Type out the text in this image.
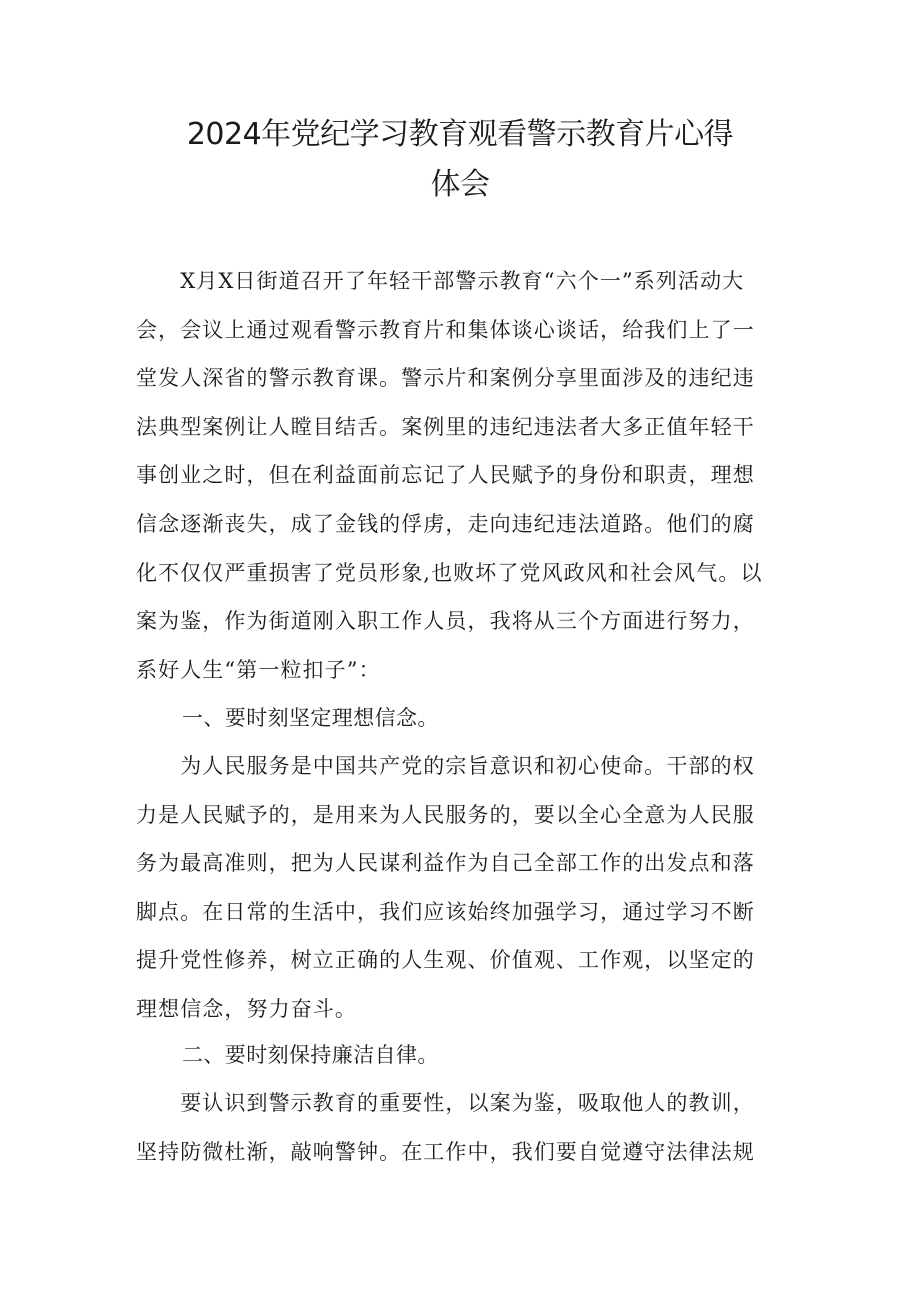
2024年党纪学习教育观看警示教育片心得
体会

　　X月X日街道召开了年轻干部警示教育“六个一”系列活动大
会，会议上通过观看警示教育片和集体谈心谈话，给我们上了一
堂发人深省的警示教育课。警示片和案例分享里面涉及的违纪违
法典型案例让人瞠目结舌。案例里的违纪违法者大多正值年轻干
事创业之时，但在利益面前忘记了人民赋予的身份和职责，理想
信念逐渐丧失，成了金钱的俘虏，走向违纪违法道路。他们的腐
化不仅仅严重损害了党员形象,也败坏了党风政风和社会风气。以
案为鉴，作为街道刚入职工作人员，我将从三个方面进行努力，
系好人生“第一粒扣子”：

一、要时刻坚定理想信念。

　　为人民服务是中国共产党的宗旨意识和初心使命。干部的权
力是人民赋予的，是用来为人民服务的，要以全心全意为人民服
务为最高准则，把为人民谋利益作为自己全部工作的出发点和落
脚点。在日常的生活中，我们应该始终加强学习，通过学习不断
提升党性修养，树立正确的人生观、价值观、工作观，以坚定的
理想信念，努力奋斗。

二、要时刻保持廉洁自律。

　　要认识到警示教育的重要性，以案为鉴，吸取他人的教训，
坚持防微杜渐，敲响警钟。在工作中，我们要自觉遵守法律法规
